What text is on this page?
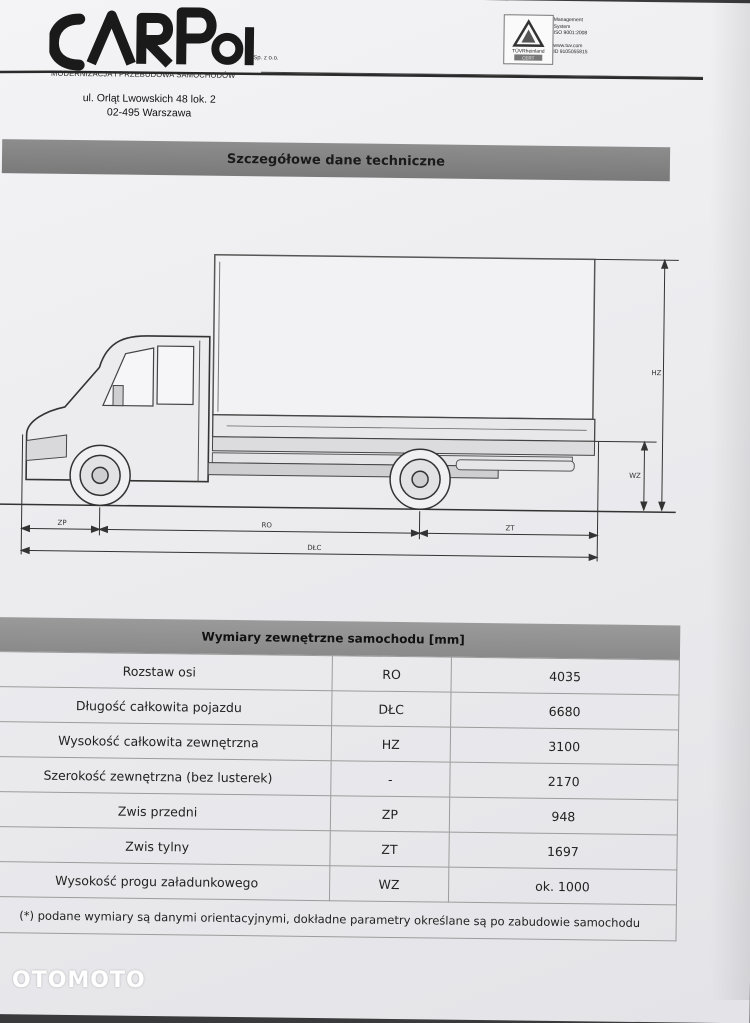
Sp. z o.o.
MODERNIZACJA I PRZEBUDOWA SAMOCHODÓW
ul. Orląt Lwowskich 48 lok. 2
02-495 Warszawa
TÜVRheinland
CERT
Management
System
ISO 9001:2008
www.tuv.com
ID 9105055815
Szczegółowe dane techniczne
HZ
WZ
ZP	RO	ZT
DŁC
Wymiary zewnętrzne samochodu [mm]
Rozstaw osi	RO	4035
Długość całkowita pojazdu	DŁC	6680
Wysokość całkowita zewnętrzna	HZ	3100
Szerokość zewnętrzna (bez lusterek)	-	2170
Zwis przedni	ZP	948
Zwis tylny	ZT	1697
Wysokość progu załadunkowego	WZ	ok. 1000
(*) podane wymiary są danymi orientacyjnymi, dokładne parametry określane są po zabudowie samochodu
OTOMOTO
